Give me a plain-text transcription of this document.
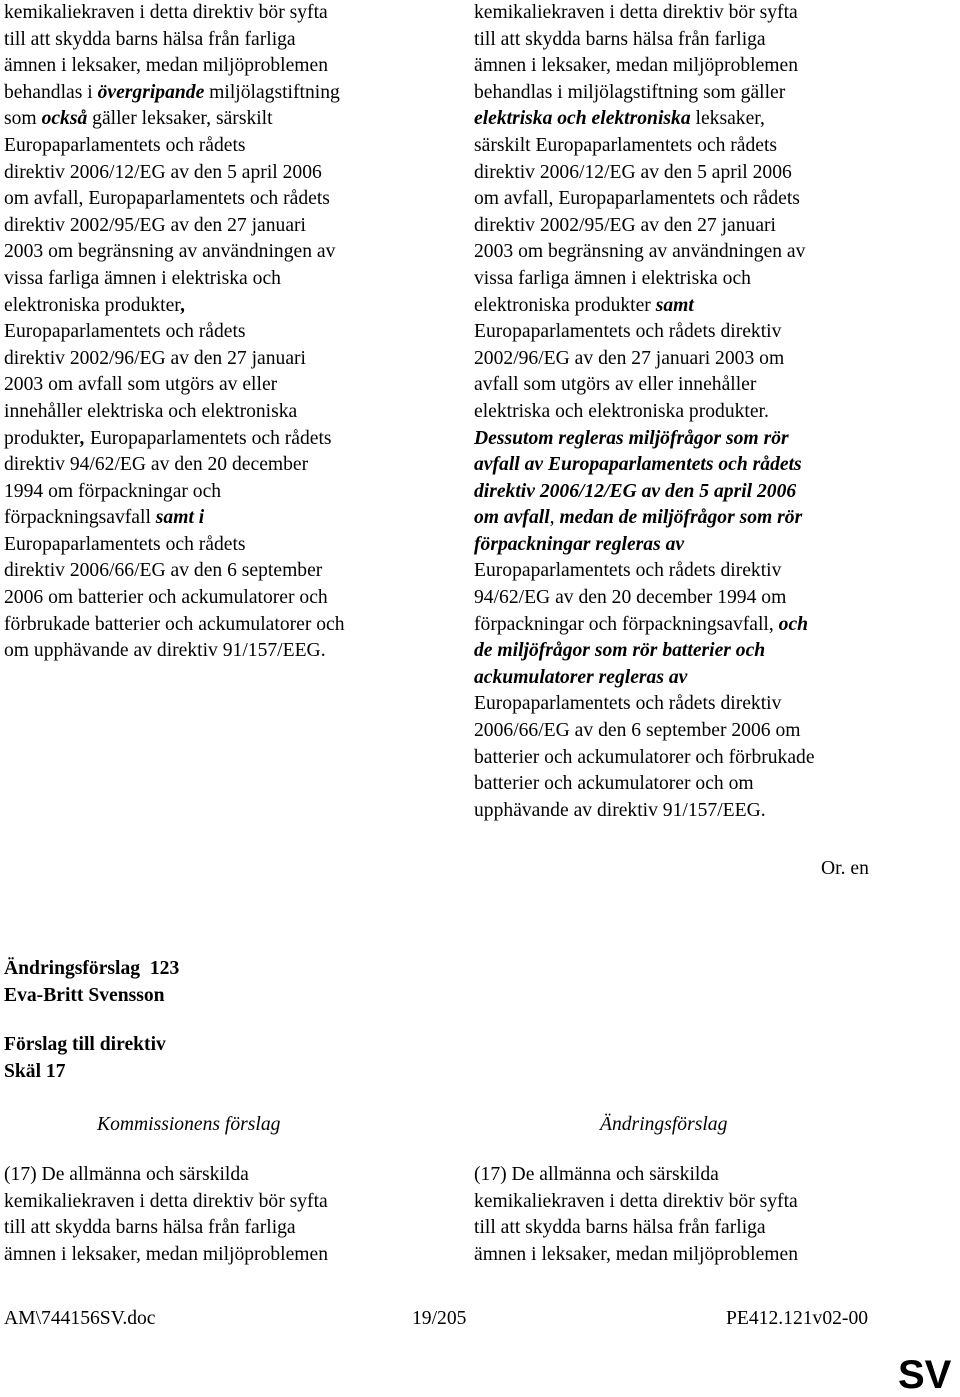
kemikaliekraven i detta direktiv bör syfta
till att skydda barns hälsa från farliga
ämnen i leksaker, medan miljöproblemen
behandlas i övergripande miljölagstiftning
som också gäller leksaker, särskilt
Europaparlamentets och rådets
direktiv 2006/12/EG av den 5 april 2006
om avfall, Europaparlamentets och rådets
direktiv 2002/95/EG av den 27 januari
2003 om begränsning av användningen av
vissa farliga ämnen i elektriska och
elektroniska produkter,
Europaparlamentets och rådets
direktiv 2002/96/EG av den 27 januari
2003 om avfall som utgörs av eller
innehåller elektriska och elektroniska
produkter, Europaparlamentets och rådets
direktiv 94/62/EG av den 20 december
1994 om förpackningar och
förpackningsavfall samt i
Europaparlamentets och rådets
direktiv 2006/66/EG av den 6 september
2006 om batterier och ackumulatorer och
förbrukade batterier och ackumulatorer och
om upphävande av direktiv 91/157/EEG.
kemikaliekraven i detta direktiv bör syfta
till att skydda barns hälsa från farliga
ämnen i leksaker, medan miljöproblemen
behandlas i miljölagstiftning som gäller
elektriska och elektroniska leksaker,
särskilt Europaparlamentets och rådets
direktiv 2006/12/EG av den 5 april 2006
om avfall, Europaparlamentets och rådets
direktiv 2002/95/EG av den 27 januari
2003 om begränsning av användningen av
vissa farliga ämnen i elektriska och
elektroniska produkter samt
Europaparlamentets och rådets direktiv
2002/96/EG av den 27 januari 2003 om
avfall som utgörs av eller innehåller
elektriska och elektroniska produkter.
Dessutom regleras miljöfrågor som rör
avfall av Europaparlamentets och rådets
direktiv 2006/12/EG av den 5 april 2006
om avfall, medan de miljöfrågor som rör
förpackningar regleras av
Europaparlamentets och rådets direktiv
94/62/EG av den 20 december 1994 om
förpackningar och förpackningsavfall, och
de miljöfrågor som rör batterier och
ackumulatorer regleras av
Europaparlamentets och rådets direktiv
2006/66/EG av den 6 september 2006 om
batterier och ackumulatorer och förbrukade
batterier och ackumulatorer och om
upphävande av direktiv 91/157/EEG.
Or. en
Ändringsförslag  123
Eva-Britt Svensson
Förslag till direktiv
Skäl 17
Kommissionens förslag	Ändringsförslag
(17) De allmänna och särskilda
kemikaliekraven i detta direktiv bör syfta
till att skydda barns hälsa från farliga
ämnen i leksaker, medan miljöproblemen
(17) De allmänna och särskilda
kemikaliekraven i detta direktiv bör syfta
till att skydda barns hälsa från farliga
ämnen i leksaker, medan miljöproblemen
AM\744156SV.doc	19/205	PE412.121v02-00
SV
